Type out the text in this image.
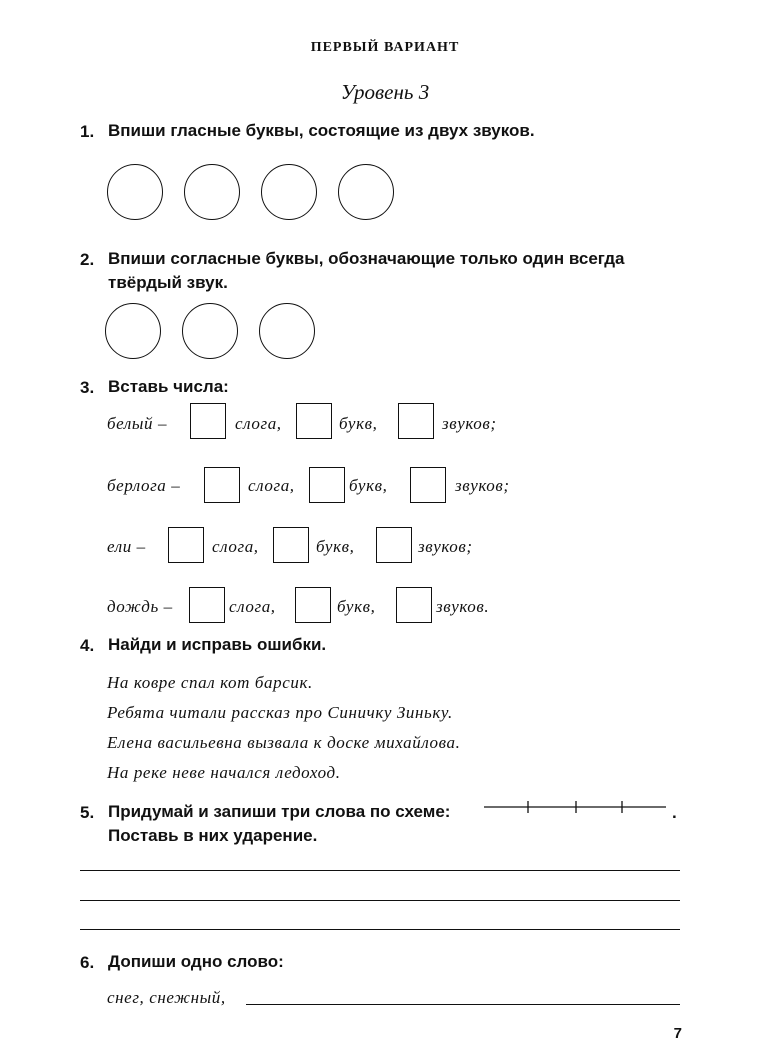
ПЕРВЫЙ ВАРИАНТ
Уровень 3
1. Впиши гласные буквы, состоящие из двух звуков.
2. Впиши согласные буквы, обозначающие только один всегда
твёрдый звук.
3. Вставь числа:
белый –	слога,	букв,	звуков;
берлога –	слога,	букв,	звуков;
ели –	слога,	букв,	звуков;
дождь –	слога,	букв,	звуков.
4. Найди и исправь ошибки.
На ковре спал кот барсик.
Ребята читали рассказ про Синичку Зиньку.
Елена васильевна вызвала к доске михайлова.
На реке неве начался ледоход.
5. Придумай и запиши три слова по схеме:
Поставь в них ударение.
.
6. Допиши одно слово:
снег, снежный,
7
